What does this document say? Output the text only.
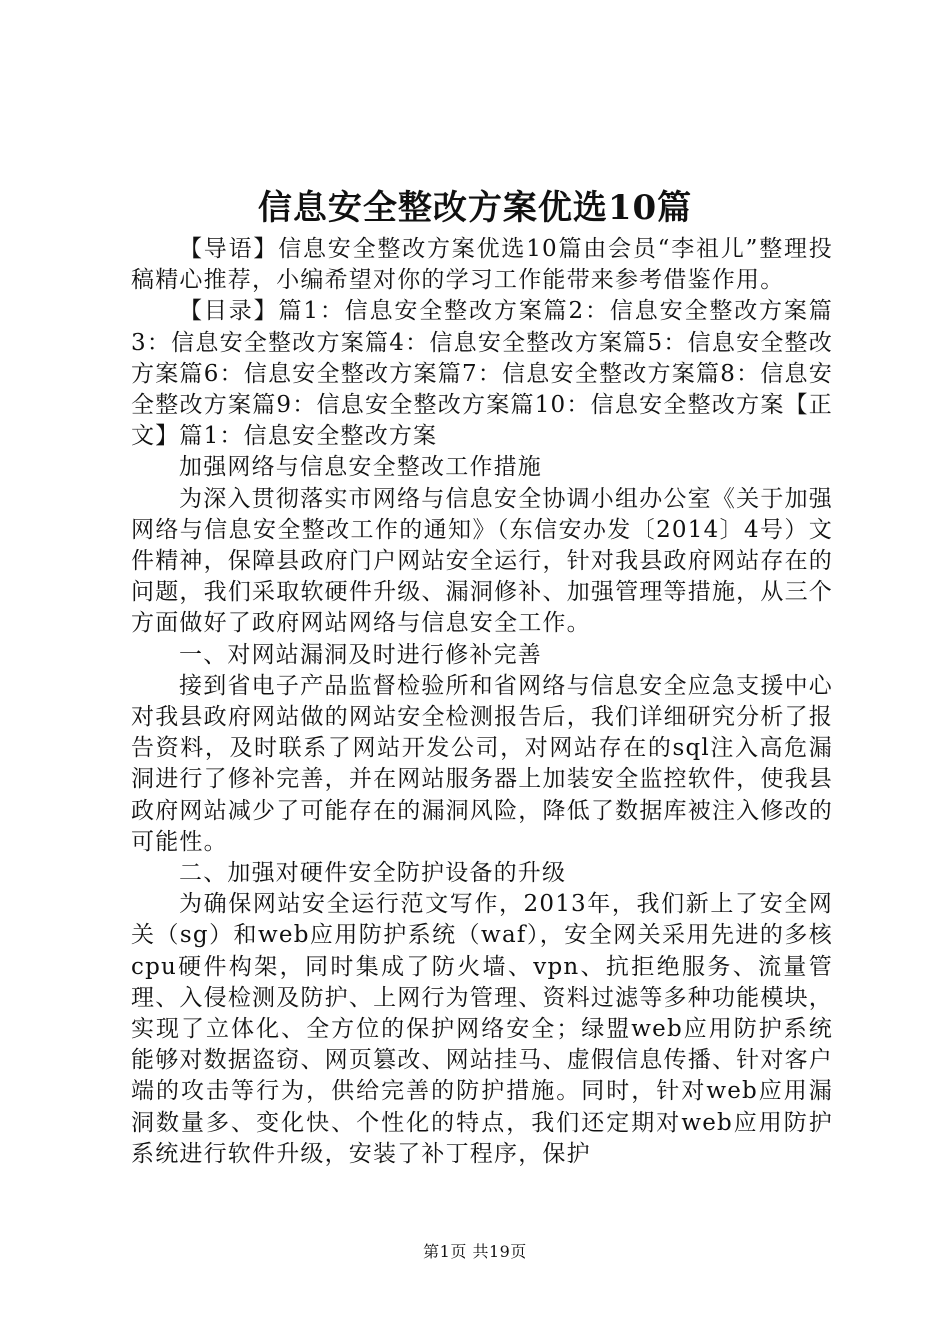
信息安全整改方案优选10篇

【导语】信息安全整改方案优选10篇由会员“李祖儿”整理投稿精心推荐，小编希望对你的学习工作能带来参考借鉴作用。

【目录】篇1：信息安全整改方案篇2：信息安全整改方案篇3：信息安全整改方案篇4：信息安全整改方案篇5：信息安全整改方案篇6：信息安全整改方案篇7：信息安全整改方案篇8：信息安全整改方案篇9：信息安全整改方案篇10：信息安全整改方案【正文】篇1：信息安全整改方案

加强网络与信息安全整改工作措施

为深入贯彻落实市网络与信息安全协调小组办公室《关于加强网络与信息安全整改工作的通知》（东信安办发〔2014〕4号）文件精神，保障县政府门户网站安全运行，针对我县政府网站存在的问题，我们采取软硬件升级、漏洞修补、加强管理等措施，从三个方面做好了政府网站网络与信息安全工作。

一、对网站漏洞及时进行修补完善

接到省电子产品监督检验所和省网络与信息安全应急支援中心对我县政府网站做的网站安全检测报告后，我们详细研究分析了报告资料，及时联系了网站开发公司，对网站存在的sql注入高危漏洞进行了修补完善，并在网站服务器上加装安全监控软件，使我县政府网站减少了可能存在的漏洞风险，降低了数据库被注入修改的可能性。

二、加强对硬件安全防护设备的升级

为确保网站安全运行范文写作，2013年，我们新上了安全网关（sg）和web应用防护系统（waf），安全网关采用先进的多核cpu硬件构架，同时集成了防火墙、vpn、抗拒绝服务、流量管理、入侵检测及防护、上网行为管理、资料过滤等多种功能模块，实现了立体化、全方位的保护网络安全；绿盟web应用防护系统能够对数据盗窃、网页篡改、网站挂马、虚假信息传播、针对客户端的攻击等行为，供给完善的防护措施。同时，针对web应用漏洞数量多、变化快、个性化的特点，我们还定期对web应用防护系统进行软件升级，安装了补丁程序，保护

第1页 共19页
